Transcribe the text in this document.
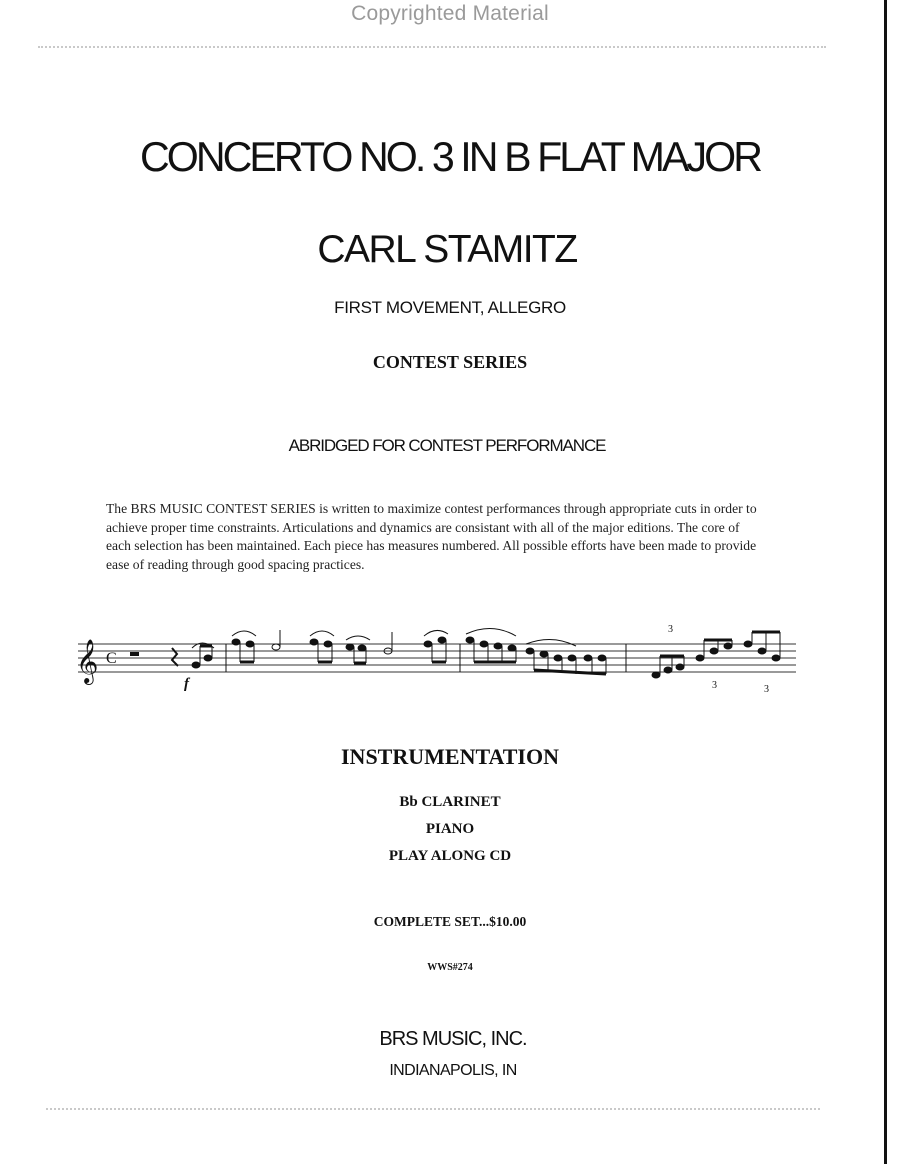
Copyrighted Material
CONCERTO NO. 3 IN B FLAT MAJOR
CARL STAMITZ
FIRST MOVEMENT, ALLEGRO
CONTEST SERIES
ABRIDGED FOR CONTEST PERFORMANCE
The BRS MUSIC CONTEST SERIES is written to maximize contest performances through appropriate cuts in order to achieve proper time constraints. Articulations and dynamics are consistant with all of the major editions. The core of each selection has been maintained. Each piece has measures numbered. All possible efforts have been made to provide ease of reading through good spacing practices.
𝄞 C
f
3
3	3
INSTRUMENTATION
Bb CLARINET
PIANO
PLAY ALONG CD
COMPLETE SET...$10.00
WWS#274
BRS MUSIC, INC.
INDIANAPOLIS, IN
